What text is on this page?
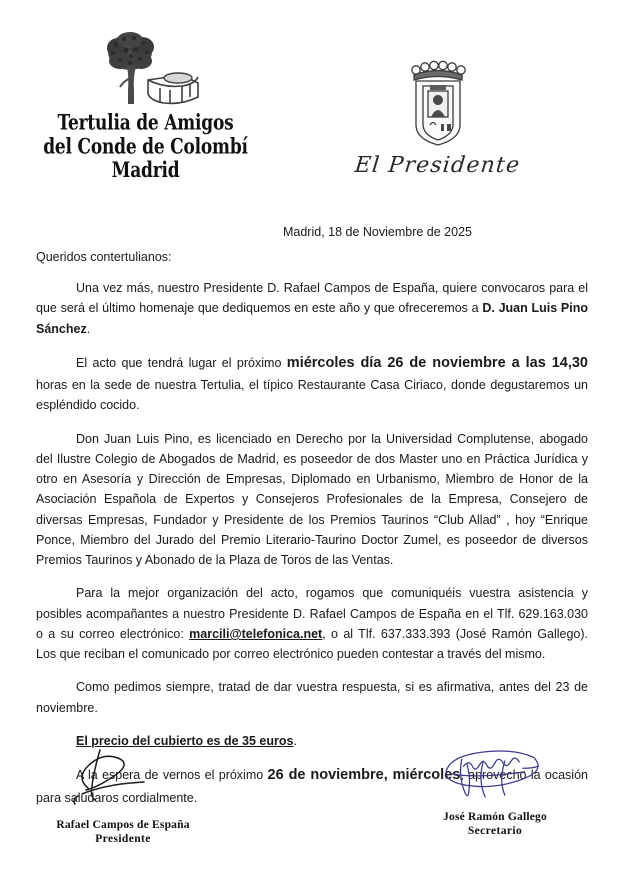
Tertulia de Amigos
del Conde de Colombí
Madrid	El Presidente
Madrid, 18 de Noviembre de 2025
Queridos contertulianos:

Una vez más, nuestro Presidente D. Rafael Campos de España, quiere convocaros para el que será el último homenaje que dediquemos en este año y que ofreceremos a D. Juan Luis Pino Sánchez.

El acto que tendrá lugar el próximo miércoles día 26 de noviembre a las 14,30 horas en la sede de nuestra Tertulia, el típico Restaurante Casa Ciriaco, donde degustaremos un espléndido cocido.

Don Juan Luis Pino, es licenciado en Derecho por la Universidad Complutense, abogado del Ilustre Colegio de Abogados de Madrid, es poseedor de dos Master uno en Práctica Jurídica y otro en Asesoría y Dirección de Empresas, Diplomado en Urbanismo, Miembro de Honor de la Asociación Española de Expertos y Consejeros Profesionales de la Empresa, Consejero de diversas Empresas, Fundador y Presidente de los Premios Taurinos “Club Allad” , hoy “Enrique Ponce, Miembro del Jurado del Premio Literario-Taurino Doctor Zumel, es poseedor de diversos Premios Taurinos y Abonado de la Plaza de Toros de las Ventas.

Para la mejor organización del acto, rogamos que comuniquéis vuestra asistencia y posibles acompañantes a nuestro Presidente D. Rafael Campos de España en el Tlf. 629.163.030 o a su correo electrónico: marcili@telefonica.net, o al Tlf. 637.333.393 (José Ramón Gallego). Los que reciban el comunicado por correo electrónico pueden contestar a través del mismo.

Como pedimos siempre, tratad de dar vuestra respuesta, si es afirmativa, antes del 23 de noviembre.

El precio del cubierto es de 35 euros.

A la espera de vernos el próximo 26 de noviembre, miércoles, aprovecho la ocasión para saludaros cordialmente.

Rafael Campos de España
Presidente
José Ramón Gallego
Secretario
